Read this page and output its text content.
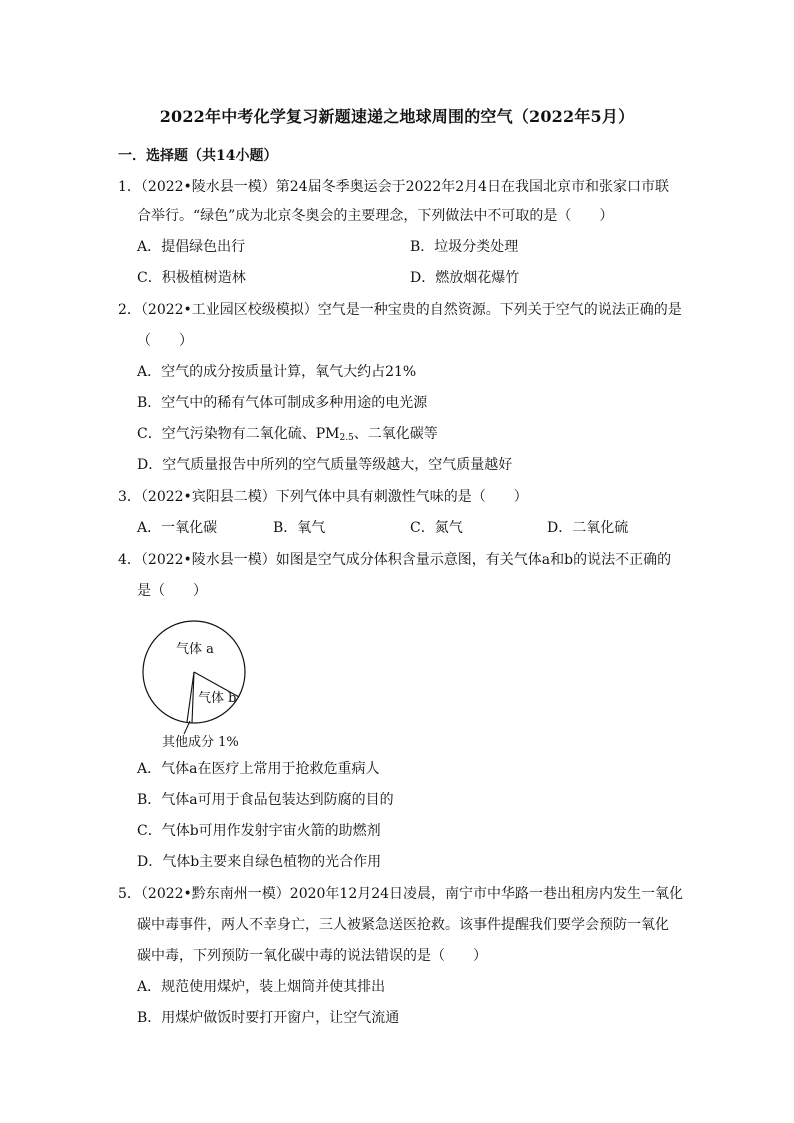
2022年中考化学复习新题速递之地球周围的空气（2022年5月）
一．选择题（共14小题）
1．（2022•陵水县一模）第24届冬季奥运会于2022年2月4日在我国北京市和张家口市联
合举行。“绿色”成为北京冬奥会的主要理念，下列做法中不可取的是（　　）
A．提倡绿色出行	B．垃圾分类处理
C．积极植树造林	D．燃放烟花爆竹
2．（2022•工业园区校级模拟）空气是一种宝贵的自然资源。下列关于空气的说法正确的是
（　　）
A．空气的成分按质量计算，氧气大约占21%
B．空气中的稀有气体可制成多种用途的电光源
C．空气污染物有二氧化硫、$PM_{2.5}$、二氧化碳等
D．空气质量报告中所列的空气质量等级越大，空气质量越好
3．（2022•宾阳县二模）下列气体中具有刺激性气味的是（　　）
A．一氧化碳	B．氧气	C．氮气	D．二氧化硫
4．（2022•陵水县一模）如图是空气成分体积含量示意图，有关气体a和b的说法不正确的
是（　　）
气体 a
气体 b
其他成分 1%
A．气体a在医疗上常用于抢救危重病人
B．气体a可用于食品包装达到防腐的目的
C．气体b可用作发射宇宙火箭的助燃剂
D．气体b主要来自绿色植物的光合作用
5．（2022•黔东南州一模）2020年12月24日凌晨，南宁市中华路一巷出租房内发生一氧化
碳中毒事件，两人不幸身亡，三人被紧急送医抢救。该事件提醒我们要学会预防一氧化
碳中毒，下列预防一氧化碳中毒的说法错误的是（　　）
A．规范使用煤炉，装上烟筒并使其排出
B．用煤炉做饭时要打开窗户，让空气流通
